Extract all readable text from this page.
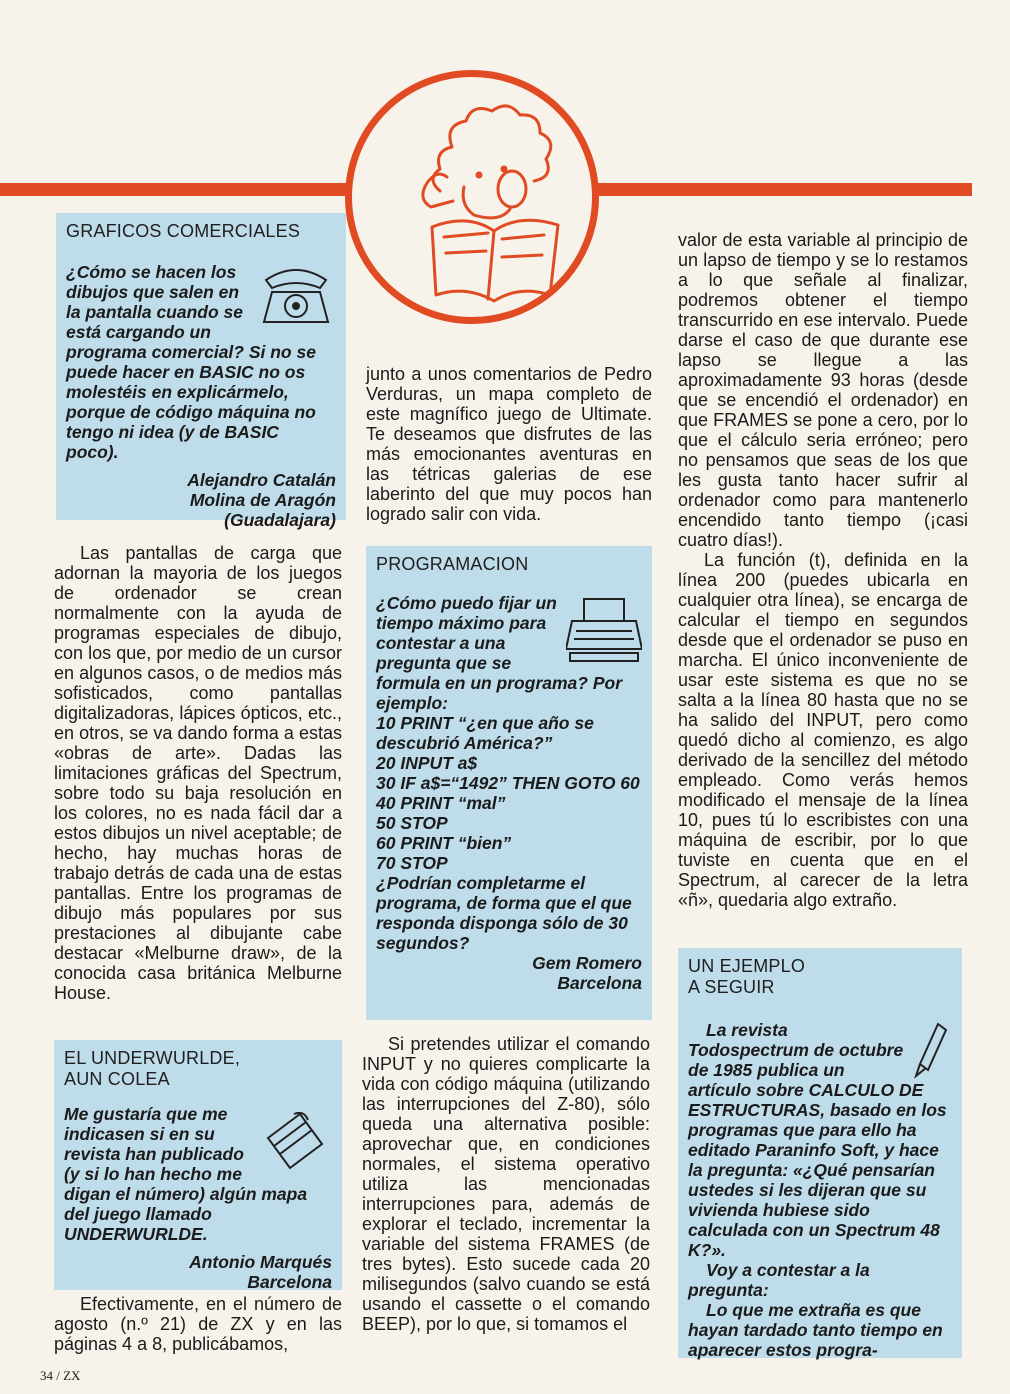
GRAFICOS COMERCIALES

¿Cómo se hacen los dibujos que salen en la pantalla cuando se está cargando un programa comercial? Si no se puede hacer en BASIC no os molestéis en explicármelo, porque de código máquina no tengo ni idea (y de BASIC poco).

Alejandro Catalán

Molina de Aragón

(Guadalajara)

Las pantallas de carga que adornan la mayoria de los juegos de ordenador se crean normalmente con la ayuda de programas especiales de dibujo, con los que, por medio de un cursor en algunos casos, o de medios más sofisticados, como pantallas digitalizadoras, lápices ópticos, etc., en otros, se va dando forma a estas «obras de arte». Dadas las limitaciones gráficas del Spectrum, sobre todo su baja resolución en los colores, no es nada fácil dar a estos dibujos un nivel aceptable; de hecho, hay muchas horas de trabajo detrás de cada una de estas pantallas. Entre los programas de dibujo más populares por sus prestaciones al dibujante cabe destacar «Melburne draw», de la conocida casa británica Melburne House.

EL UNDERWURLDE, AUN COLEA

Me gustaría que me indicasen si en su revista han publicado (y si lo han hecho me digan el número) algún mapa del juego llamado UNDERWURLDE.

Antonio Marqués

Barcelona

Efectivamente, en el número de agosto (n.º 21) de ZX y en las páginas 4 a 8, publicábamos,

junto a unos comentarios de Pedro Verduras, un mapa completo de este magnífico juego de Ultimate. Te deseamos que disfrutes de las más emocionantes aventuras en las tétricas galerias de ese laberinto del que muy pocos han logrado salir con vida.

PROGRAMACION

¿Cómo puedo fijar un tiempo máximo para contestar a una pregunta que se formula en un programa? Por ejemplo:

10 PRINT “¿en que año se descubrió América?”

20 INPUT a$

30 IF a$=“1492” THEN GOTO 60

40 PRINT “mal”

50 STOP

60 PRINT “bien”

70 STOP

¿Podrían completarme el programa, de forma que el que responda disponga sólo de 30 segundos?

Gem Romero

Barcelona

Si pretendes utilizar el comando INPUT y no quieres complicarte la vida con código máquina (utilizando las interrupciones del Z-80), sólo queda una alternativa posible: aprovechar que, en condiciones normales, el sistema operativo utiliza las mencionadas interrupciones para, además de explorar el teclado, incrementar la variable del sistema FRAMES (de tres bytes). Esto sucede cada 20 milisegundos (salvo cuando se está usando el cassette o el comando BEEP), por lo que, si tomamos el

valor de esta variable al principio de un lapso de tiempo y se lo restamos a lo que señale al finalizar, podremos obtener el tiempo transcurrido en ese intervalo. Puede darse el caso de que durante ese lapso se llegue a las aproximadamente 93 horas (desde que se encendió el ordenador) en que FRAMES se pone a cero, por lo que el cálculo seria erróneo; pero no pensamos que seas de los que les gusta tanto hacer sufrir al ordenador como para mantenerlo encendido tanto tiempo (¡casi cuatro días!).

La función (t), definida en la línea 200 (puedes ubicarla en cualquier otra línea), se encarga de calcular el tiempo en segundos desde que el ordenador se puso en marcha. El único inconveniente de usar este sistema es que no se salta a la línea 80 hasta que no se ha salido del INPUT, pero como quedó dicho al comienzo, es algo derivado de la sencillez del método empleado. Como verás hemos modificado el mensaje de la línea 10, pues tú lo escribistes con una máquina de escribir, por lo que tuviste en cuenta que en el Spectrum, al carecer de la letra «ñ», quedaria algo extraño.

UN EJEMPLO
A SEGUIR

La revista Todospectrum de octubre de 1985 publica un artículo sobre CALCULO DE ESTRUCTURAS, basado en los programas que para ello ha editado Paraninfo Soft, y hace la pregunta: «¿Qué pensarían ustedes si les dijeran que su vivienda hubiese sido calculada con un Spectrum 48 K?».

Voy a contestar a la pregunta:

Lo que me extraña es que hayan tardado tanto tiempo en aparecer estos progra-

34 / ZX
